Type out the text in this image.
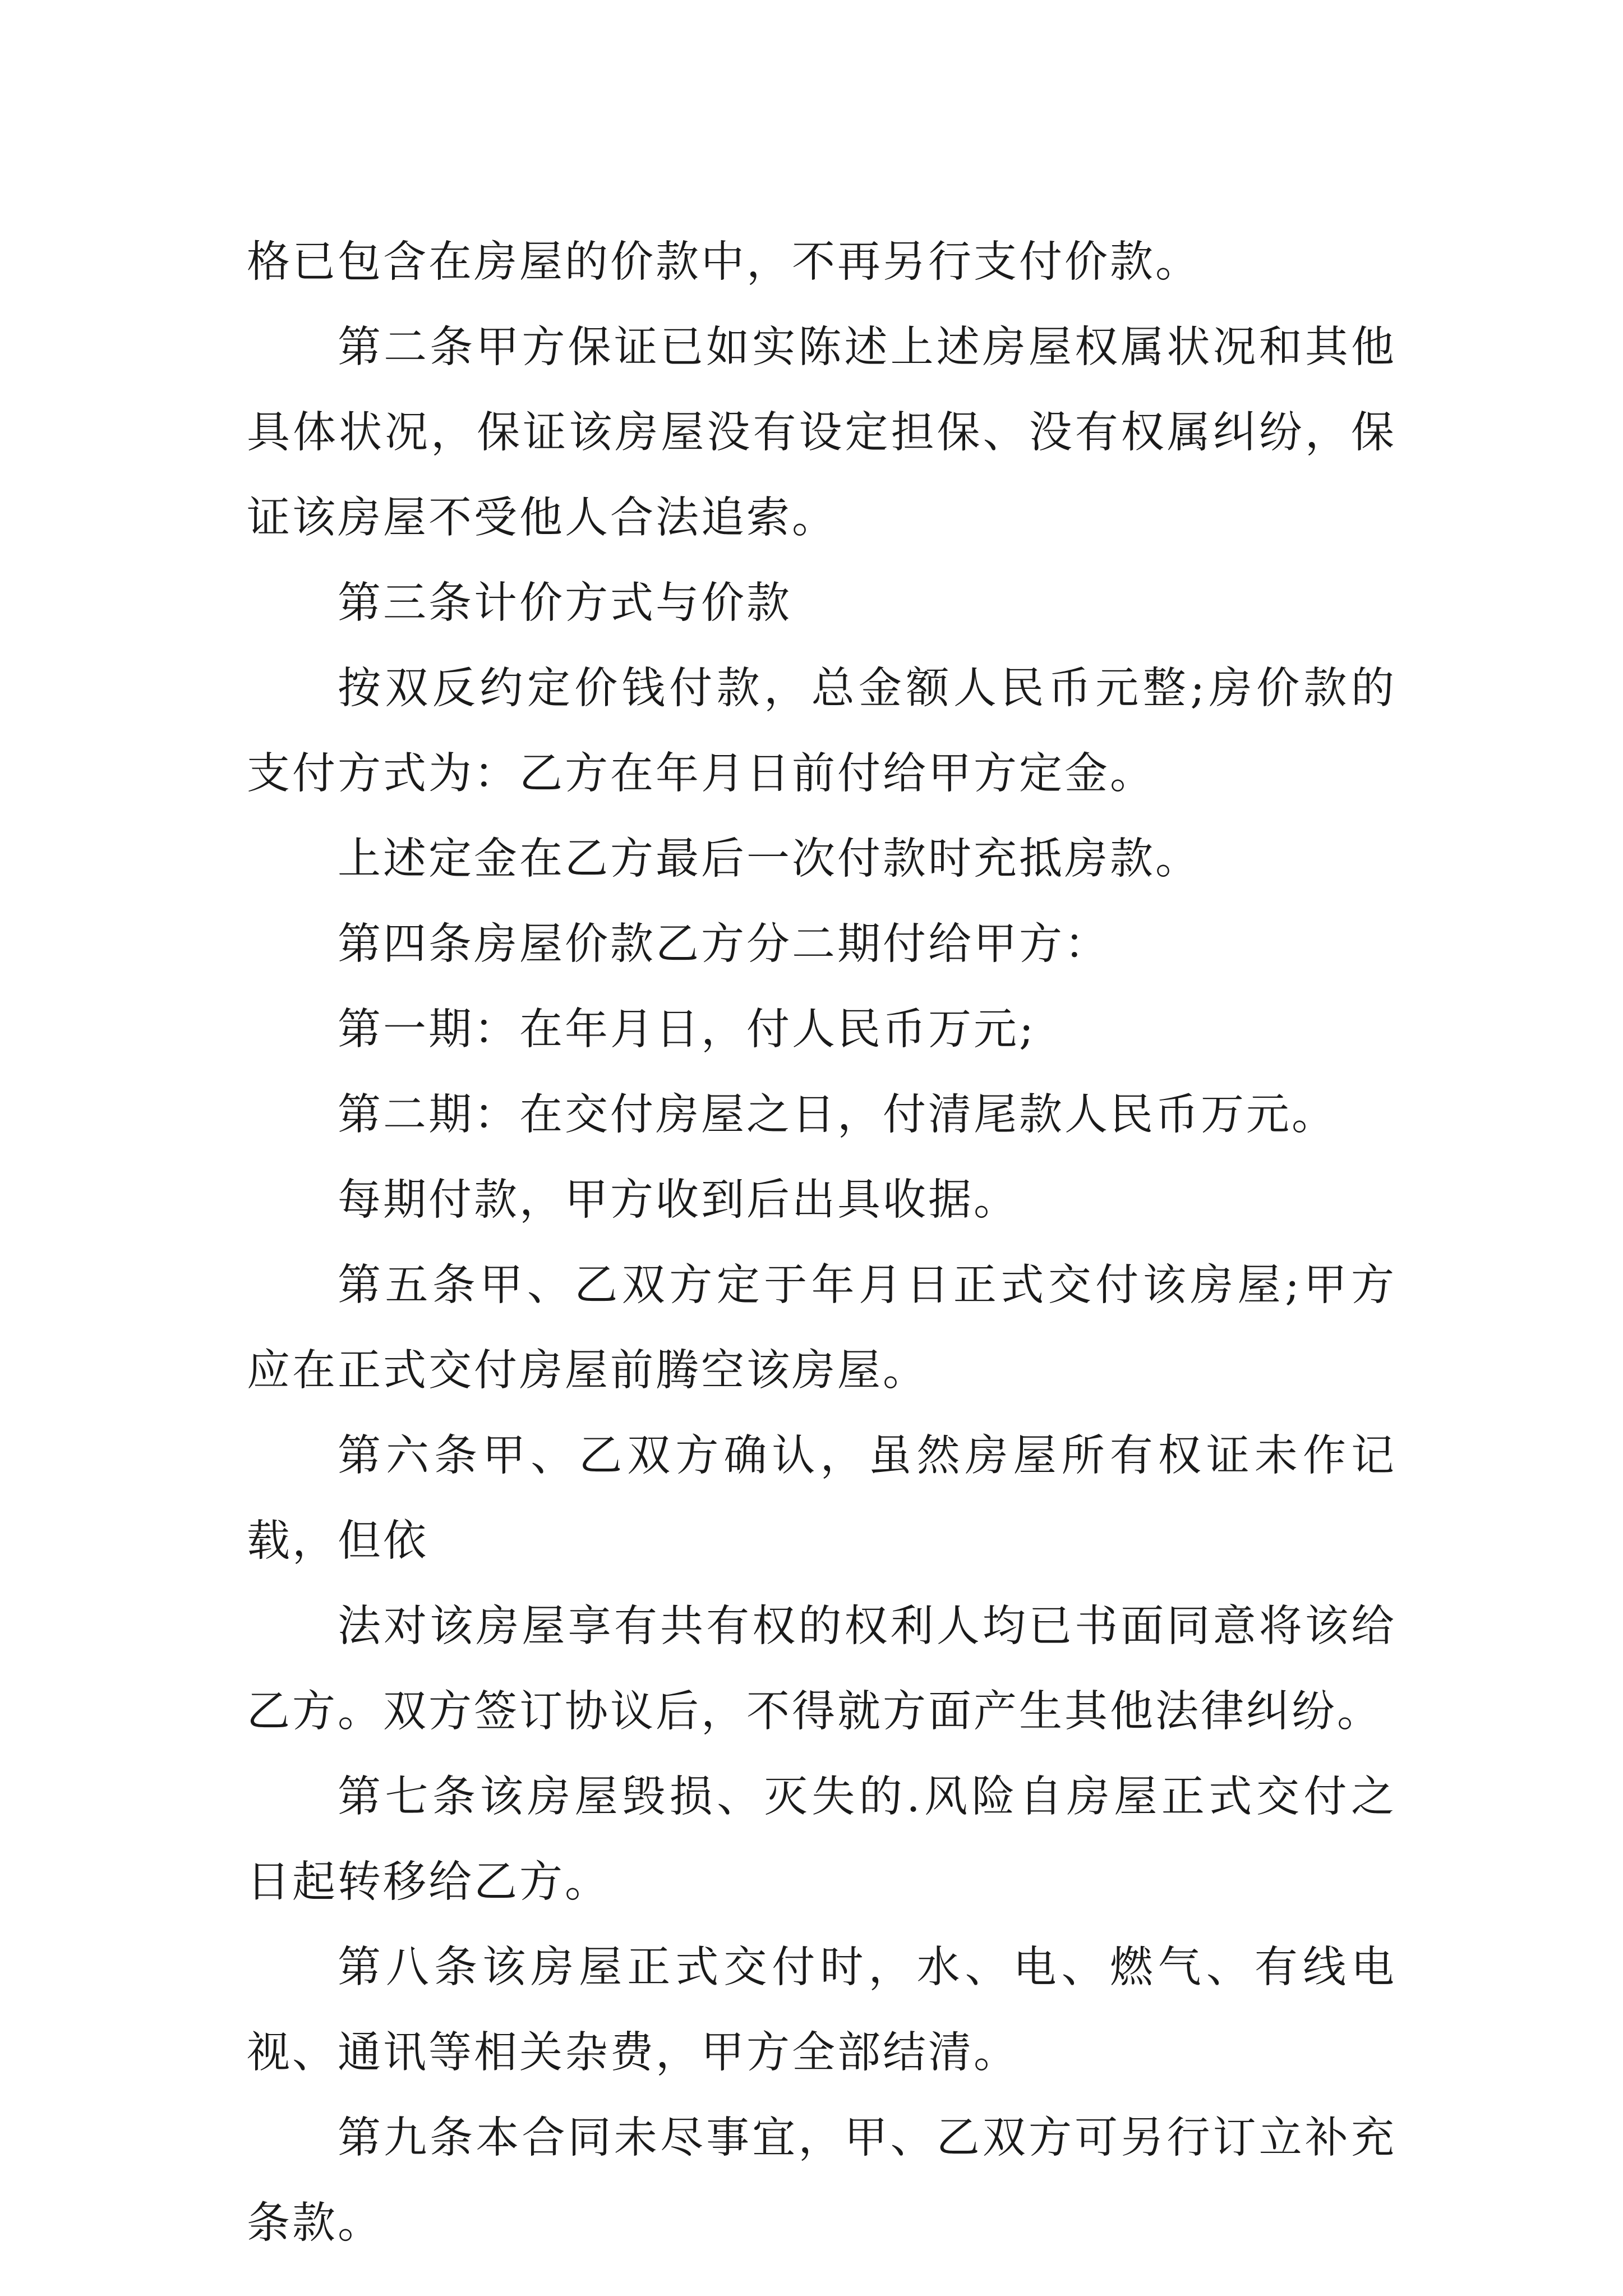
格已包含在房屋的价款中，不再另行支付价款。

第二条甲方保证已如实陈述上述房屋权属状况和其他具体状况，保证该房屋没有设定担保、没有权属纠纷，保证该房屋不受他人合法追索。

第三条计价方式与价款

按双反约定价钱付款，总金额人民币元整;房价款的支付方式为：乙方在年月日前付给甲方定金。

上述定金在乙方最后一次付款时充抵房款。

第四条房屋价款乙方分二期付给甲方：

第一期：在年月日，付人民币万元;

第二期：在交付房屋之日，付清尾款人民币万元。

每期付款，甲方收到后出具收据。

第五条甲、乙双方定于年月日正式交付该房屋;甲方应在正式交付房屋前腾空该房屋。

第六条甲、乙双方确认，虽然房屋所有权证未作记载，但依

法对该房屋享有共有权的权利人均已书面同意将该给乙方。双方签订协议后，不得就方面产生其他法律纠纷。

第七条该房屋毁损、灭失的.风险自房屋正式交付之日起转移给乙方。

第八条该房屋正式交付时，水、电、燃气、有线电视、通讯等相关杂费，甲方全部结清。

第九条本合同未尽事宜，甲、乙双方可另行订立补充条款。
